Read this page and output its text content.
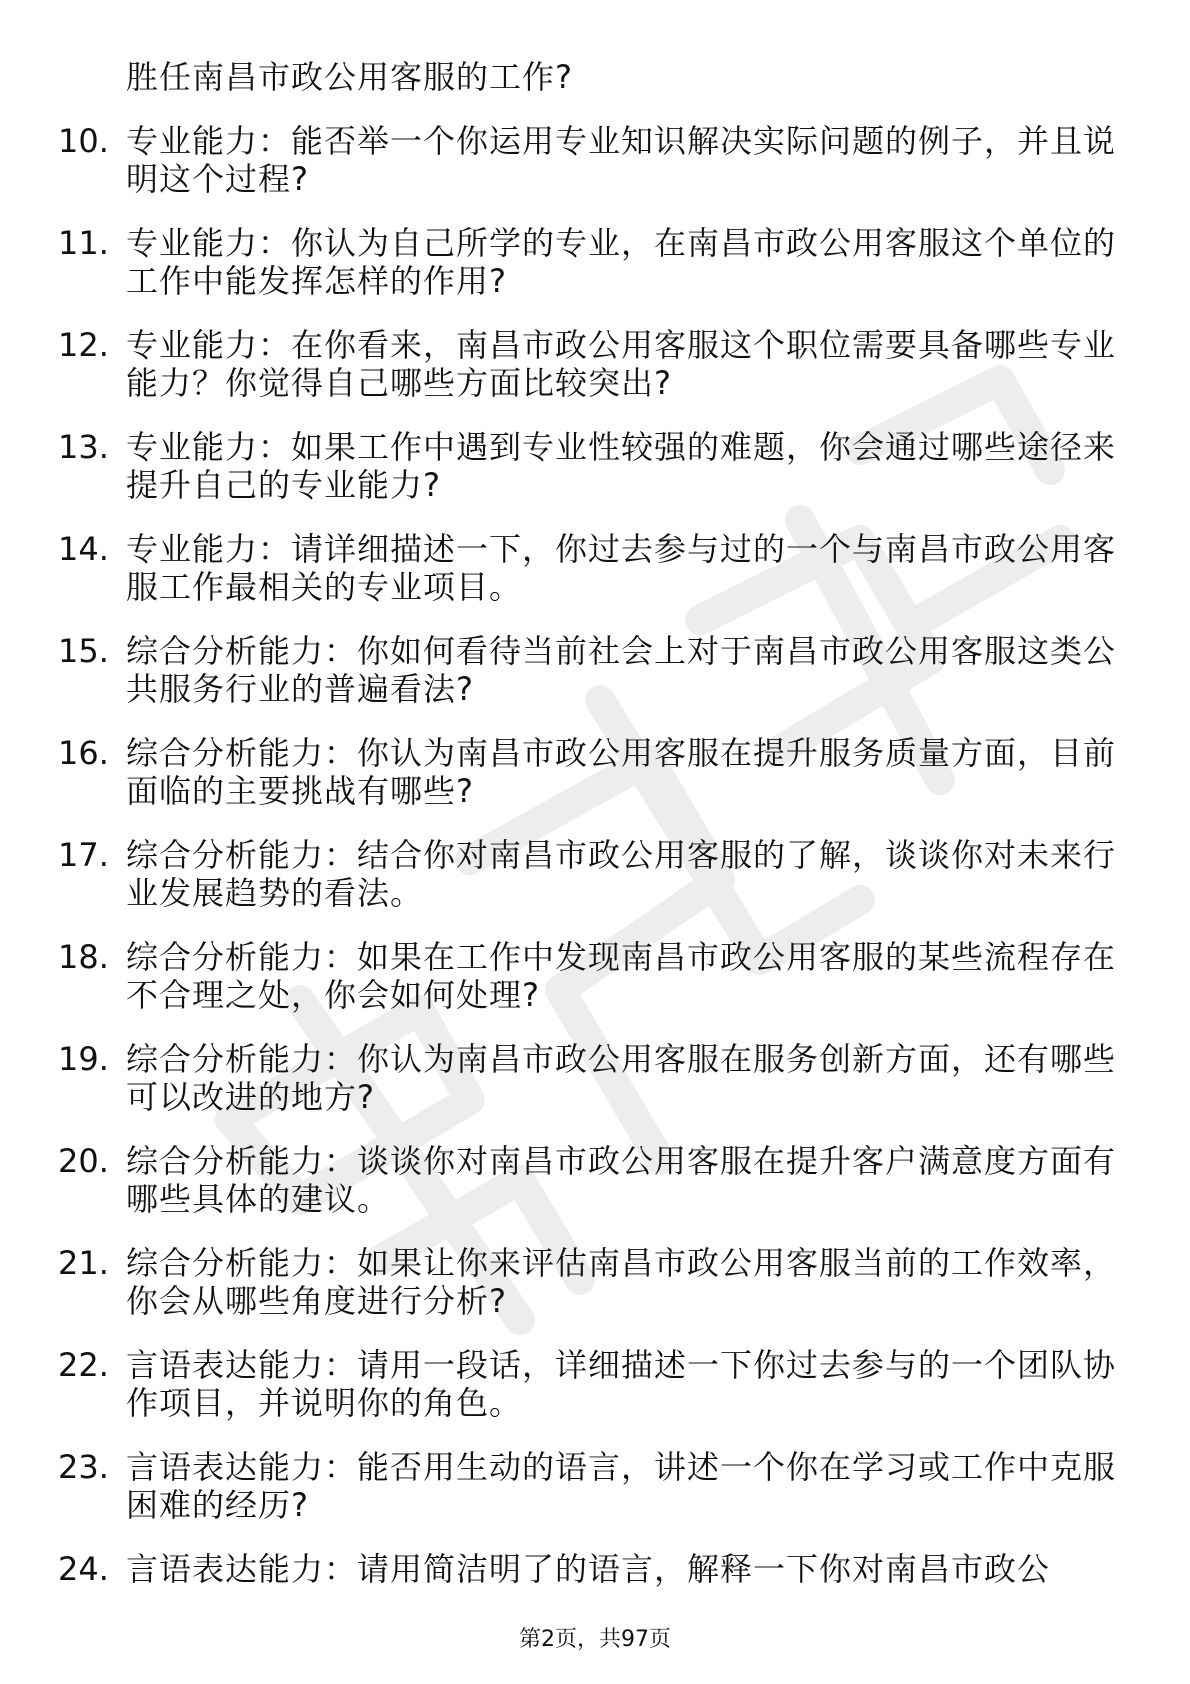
胜任南昌市政公用客服的工作?
10. 专业能力：能否举一个你运用专业知识解决实际问题的例子，并且说明这个过程?
11. 专业能力：你认为自己所学的专业，在南昌市政公用客服这个单位的工作中能发挥怎样的作用?
12. 专业能力：在你看来，南昌市政公用客服这个职位需要具备哪些专业能力？你觉得自己哪些方面比较突出?
13. 专业能力：如果工作中遇到专业性较强的难题，你会通过哪些途径来提升自己的专业能力?
14. 专业能力：请详细描述一下，你过去参与过的一个与南昌市政公用客服工作最相关的专业项目。
15. 综合分析能力：你如何看待当前社会上对于南昌市政公用客服这类公共服务行业的普遍看法?
16. 综合分析能力：你认为南昌市政公用客服在提升服务质量方面，目前面临的主要挑战有哪些?
17. 综合分析能力：结合你对南昌市政公用客服的了解，谈谈你对未来行业发展趋势的看法。
18. 综合分析能力：如果在工作中发现南昌市政公用客服的某些流程存在不合理之处，你会如何处理?
19. 综合分析能力：你认为南昌市政公用客服在服务创新方面，还有哪些可以改进的地方?
20. 综合分析能力：谈谈你对南昌市政公用客服在提升客户满意度方面有哪些具体的建议。
21. 综合分析能力：如果让你来评估南昌市政公用客服当前的工作效率，你会从哪些角度进行分析?
22. 言语表达能力：请用一段话，详细描述一下你过去参与的一个团队协作项目，并说明你的角色。
23. 言语表达能力：能否用生动的语言，讲述一个你在学习或工作中克服困难的经历?
24. 言语表达能力：请用简洁明了的语言，解释一下你对南昌市政公
第2页，共97页
